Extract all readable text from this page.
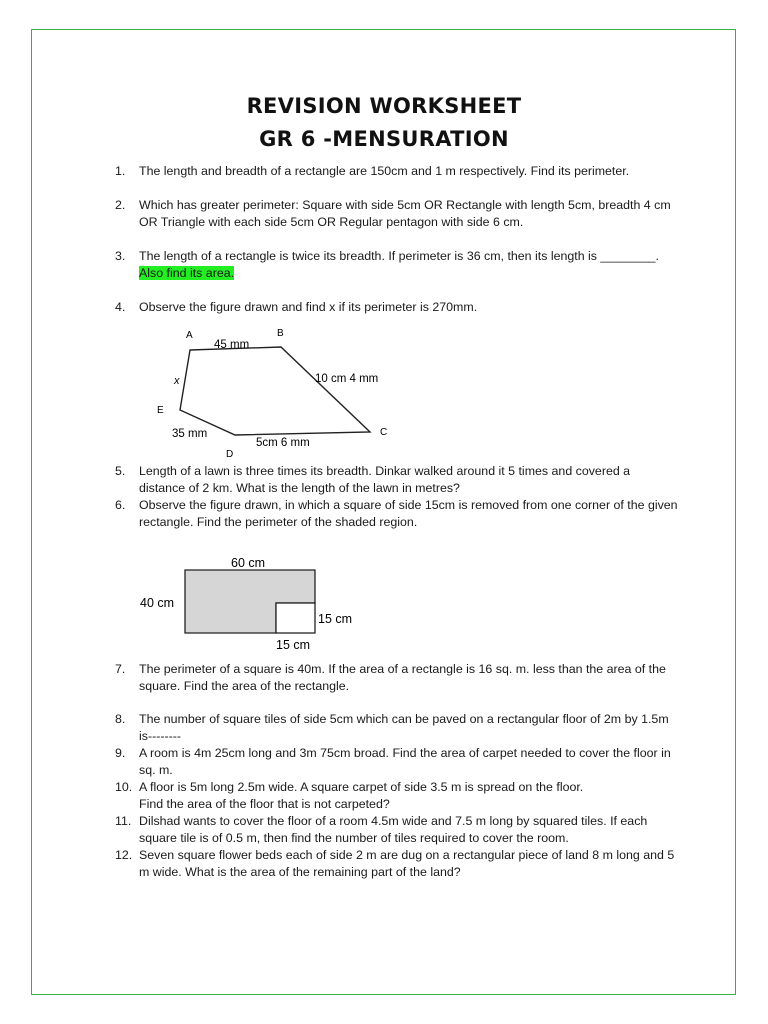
REVISION WORKSHEET
GR 6 -MENSURATION
1.	The length and breadth of a rectangle are 150cm and 1 m respectively. Find its perimeter.
2.	Which has greater perimeter: Square with side 5cm OR Rectangle with length 5cm, breadth 4 cm OR Triangle with each side 5cm OR Regular pentagon with side 6 cm.
3.	The length of a rectangle is twice its breadth. If perimeter is 36 cm, then its length is ________. Also find its area.
4.	Observe the figure drawn and find x if its perimeter is 270mm.
A	B
C
D
E
45 mm
10 cm 4 mm
x
35 mm
5cm 6 mm
5.	Length of a lawn is three times its breadth. Dinkar walked around it 5 times and covered a distance of 2 km. What is the length of the lawn in metres?
6.	Observe the figure drawn, in which a square of side 15cm is removed from one corner of the given rectangle. Find the perimeter of the shaded region.
60 cm
40 cm
15 cm
15 cm
7.	The perimeter of a square is 40m. If the area of a rectangle is 16 sq. m. less than the area of the square. Find the area of the rectangle.
8.	The number of square tiles of side 5cm which can be paved on a rectangular floor of 2m by 1.5m is--------
9.	A room is 4m 25cm long and 3m 75cm broad. Find the area of carpet needed to cover the floor in sq. m.
10. A floor is 5m long 2.5m wide. A square carpet of side 3.5 m is spread on the floor.
Find the area of the floor that is not carpeted?
11. Dilshad wants to cover the floor of a room 4.5m wide and 7.5 m long by squared tiles. If each square tile is of 0.5 m, then find the number of tiles required to cover the room.
12. Seven square flower beds each of side 2 m are dug on a rectangular piece of land 8 m long and 5 m wide. What is the area of the remaining part of the land?
